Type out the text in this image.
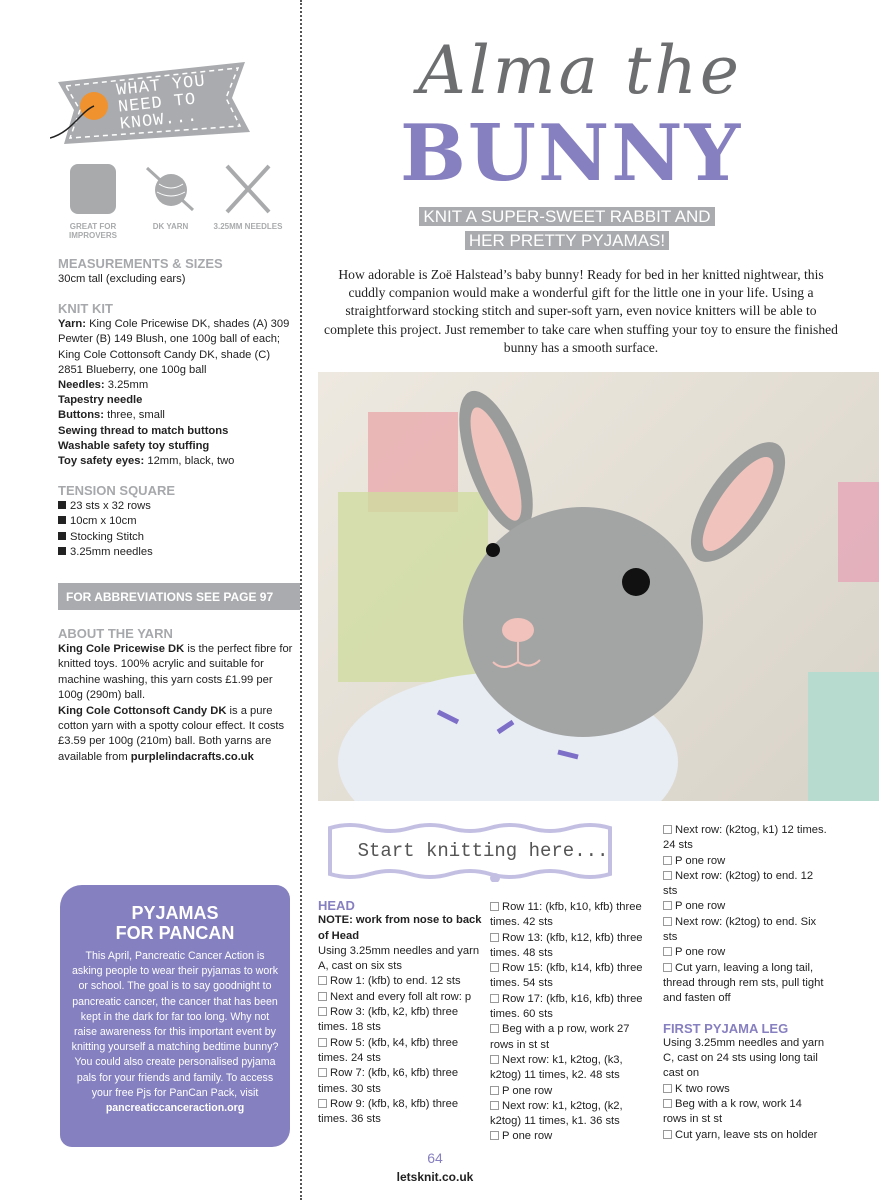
WHAT YOU
NEED TO
KNOW...
GREAT FOR IMPROVERS
DK YARN	3.25MM NEEDLES
MEASUREMENTS & SIZES
30cm tall (excluding ears)
KNIT KIT
Yarn: King Cole Pricewise DK, shades (A) 309 Pewter (B) 149 Blush, one 100g ball of each; King Cole Cottonsoft Candy DK, shade (C) 2851 Blueberry, one 100g ball
Needles: 3.25mm
Tapestry needle
Buttons: three, small
Sewing thread to match buttons
Washable safety toy stuffing
Toy safety eyes: 12mm, black, two
TENSION SQUARE
23 sts x 32 rows
10cm x 10cm
Stocking Stitch
3.25mm needles
FOR ABBREVIATIONS SEE PAGE 97
ABOUT THE YARN
King Cole Pricewise DK is the perfect fibre for knitted toys. 100% acrylic and suitable for machine washing, this yarn costs £1.99 per 100g (290m) ball.
King Cole Cottonsoft Candy DK is a pure cotton yarn with a spotty colour effect. It costs £3.59 per 100g (210m) ball. Both yarns are available from purplelindacrafts.co.uk
PYJAMAS
FOR PANCAN

This April, Pancreatic Cancer Action is asking people to wear their pyjamas to work or school. The goal is to say goodnight to pancreatic cancer, the cancer that has been kept in the dark for far too long. Why not raise awareness for this important event by knitting yourself a matching bedtime bunny? You could also create personalised pyjama pals for your friends and family. To access your free Pjs for PanCan Pack, visit pancreaticcanceraction.org

Alma the
BUNNY
KNIT A SUPER-SWEET RABBIT AND
HER PRETTY PYJAMAS!
How adorable is Zoë Halstead’s baby bunny! Ready for bed in her knitted nightwear, this cuddly companion would make a wonderful gift for the little one in your life. Using a straightforward stocking stitch and super-soft yarn, even novice knitters will be able to complete this project. Just remember to take care when stuffing your toy to ensure the finished bunny has a smooth surface.
Start knitting here...
HEAD
NOTE: work from nose to back of Head
Using 3.25mm needles and yarn A, cast on six sts
Row 1: (kfb) to end. 12 sts
Next and every foll alt row: p
Row 3: (kfb, k2, kfb) three times. 18 sts
Row 5: (kfb, k4, kfb) three times. 24 sts
Row 7: (kfb, k6, kfb) three times. 30 sts
Row 9: (kfb, k8, kfb) three times. 36 sts
Row 11: (kfb, k10, kfb) three times. 42 sts
Row 13: (kfb, k12, kfb) three times. 48 sts
Row 15: (kfb, k14, kfb) three times. 54 sts
Row 17: (kfb, k16, kfb) three times. 60 sts
Beg with a p row, work 27 rows in st st
Next row: k1, k2tog, (k3, k2tog) 11 times, k2. 48 sts
P one row
Next row: k1, k2tog, (k2, k2tog) 11 times, k1. 36 sts
P one row
Next row: (k2tog, k1) 12 times. 24 sts
P one row
Next row: (k2tog) to end. 12 sts
P one row
Next row: (k2tog) to end. Six sts
P one row
Cut yarn, leaving a long tail, thread through rem sts, pull tight and fasten off
FIRST PYJAMA LEG
Using 3.25mm needles and yarn C, cast on 24 sts using long tail cast on
K two rows
Beg with a k row, work 14 rows in st st
Cut yarn, leave sts on holder
64
letsknit.co.uk
